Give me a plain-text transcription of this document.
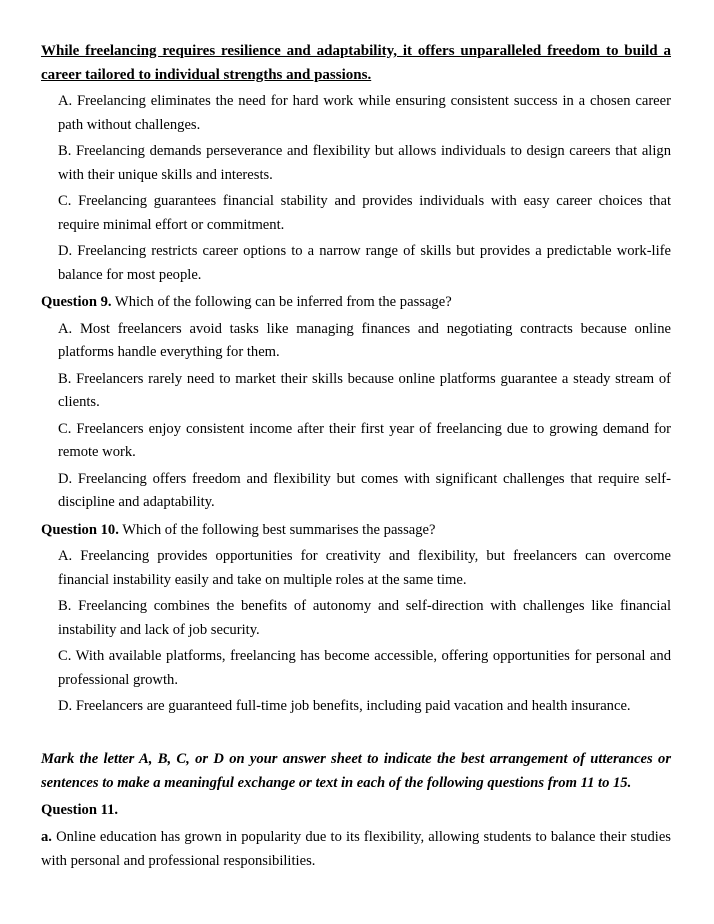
While freelancing requires resilience and adaptability, it offers unparalleled freedom to build a career tailored to individual strengths and passions.

A. Freelancing eliminates the need for hard work while ensuring consistent success in a chosen career path without challenges.
B. Freelancing demands perseverance and flexibility but allows individuals to design careers that align with their unique skills and interests.
C. Freelancing guarantees financial stability and provides individuals with easy career choices that require minimal effort or commitment.
D. Freelancing restricts career options to a narrow range of skills but provides a predictable work-life balance for most people.
Question 9. Which of the following can be inferred from the passage?
A. Most freelancers avoid tasks like managing finances and negotiating contracts because online platforms handle everything for them.
B. Freelancers rarely need to market their skills because online platforms guarantee a steady stream of clients.
C. Freelancers enjoy consistent income after their first year of freelancing due to growing demand for remote work.
D. Freelancing offers freedom and flexibility but comes with significant challenges that require self-discipline and adaptability.
Question 10. Which of the following best summarises the passage?
A. Freelancing provides opportunities for creativity and flexibility, but freelancers can overcome financial instability easily and take on multiple roles at the same time.
B. Freelancing combines the benefits of autonomy and self-direction with challenges like financial instability and lack of job security.
C. With available platforms, freelancing has become accessible, offering opportunities for personal and professional growth.
D. Freelancers are guaranteed full-time job benefits, including paid vacation and health insurance.
Mark the letter A, B, C, or D on your answer sheet to indicate the best arrangement of utterances or sentences to make a meaningful exchange or text in each of the following questions from 11 to 15.
Question 11.
a. Online education has grown in popularity due to its flexibility, allowing students to balance their studies with personal and professional responsibilities.
